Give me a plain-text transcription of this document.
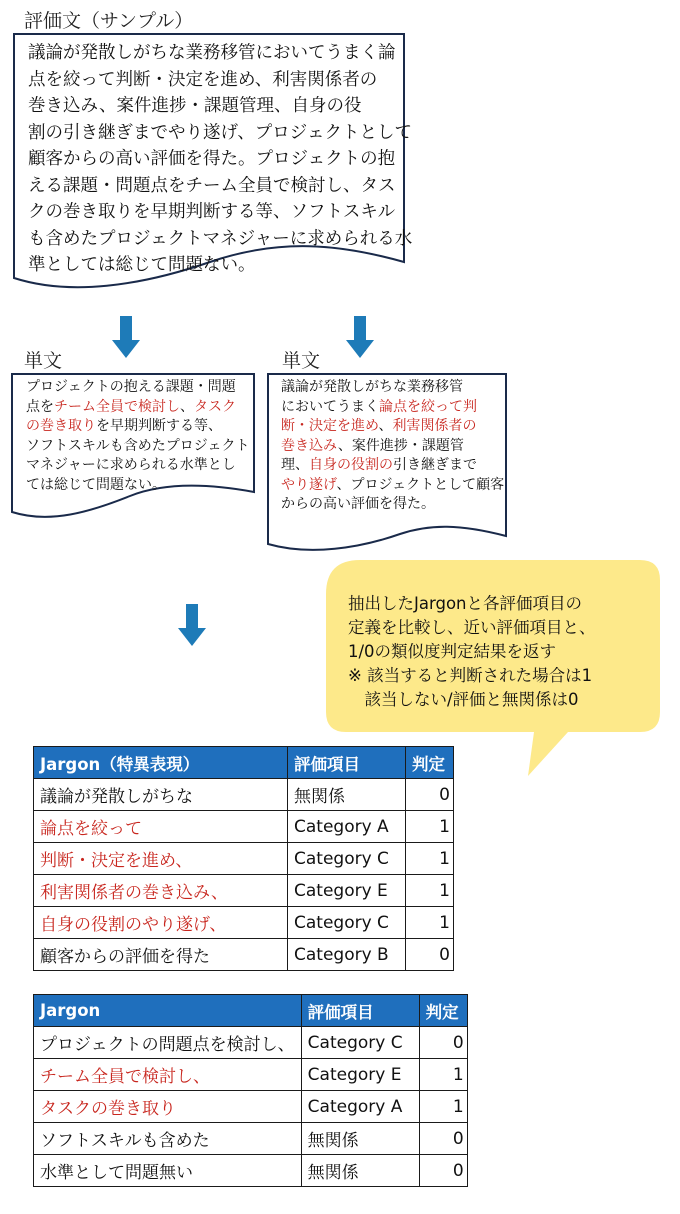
評価文（サンプル）
議論が発散しがちな業務移管においてうまく論
点を絞って判断・決定を進め、利害関係者の
巻き込み、案件進捗・課題管理、自身の役
割の引き継ぎまでやり遂げ、プロジェクトとして
顧客からの高い評価を得た。プロジェクトの抱
える課題・問題点をチーム全員で検討し、タス
クの巻き取りを早期判断する等、ソフトスキル
も含めたプロジェクトマネジャーに求められる水
準としては総じて問題ない。
単文
プロジェクトの抱える課題・問題
点をチーム全員で検討し、タスク
の巻き取りを早期判断する等、
ソフトスキルも含めたプロジェクト
マネジャーに求められる水準とし
ては総じて問題ない。
単文
議論が発散しがちな業務移管
においてうまく論点を絞って判
断・決定を進め、利害関係者の
巻き込み、案件進捗・課題管
理、自身の役割の引き継ぎまで
やり遂げ、プロジェクトとして顧客
からの高い評価を得た。
抽出したJargonと各評価項目の
定義を比較し、近い評価項目と、
1/0の類似度判定結果を返す
※ 該当すると判断された場合は1
　該当しない/評価と無関係は0
Jargon（特異表現）	評価項目	判定
議論が発散しがちな	無関係	0
論点を絞って	Category A	1
判断・決定を進め、	Category C	1
利害関係者の巻き込み、	Category E	1
自身の役割のやり遂げ、	Category C	1
顧客からの評価を得た	Category B	0
Jargon	評価項目	判定
プロジェクトの問題点を検討し、	Category C	0
チーム全員で検討し、	Category E	1
タスクの巻き取り	Category A	1
ソフトスキルも含めた	無関係	0
水準として問題無い	無関係	0
